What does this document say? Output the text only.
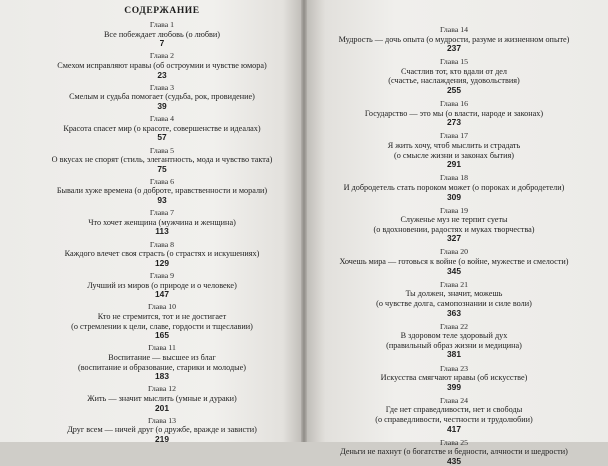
СОДЕРЖАНИЕ
Глава 1
Все побеждает любовь (о любви)
7
Глава 2
Смехом исправляют нравы (об остроумии и чувстве юмора)
23
Глава 3
Смелым и судьба помогает (судьба, рок, провидение)
39
Глава 4
Красота спасет мир (о красоте, совершенстве и идеалах)
57
Глава 5
О вкусах не спорят (стиль, элегантность, мода и чувство такта)
75
Глава 6
Бывали хуже времена (о доброте, нравственности и морали)
93
Глава 7
Что хочет женщина (мужчина и женщина)
113
Глава 8
Каждого влечет своя страсть (о страстях и искушениях)
129
Глава 9
Лучший из миров (о природе и о человеке)
147
Глава 10
Кто не стремится, тот и не достигает
(о стремлении к цели, славе, гордости и тщеславии)
165
Глава 11
Воспитание — высшее из благ
(воспитание и образование, старики и молодые)
183
Глава 12
Жить — значит мыслить (умные и дураки)
201
Глава 13
Друг всем — ничей друг (о дружбе, вражде и зависти)
219
Глава 14
Мудрость — дочь опыта (о мудрости, разуме и жизненном опыте)
237
Глава 15
Счастлив тот, кто вдали от дел
(счастье, наслаждения, удовольствия)
255
Глава 16
Государство — это мы (о власти, народе и законах)
273
Глава 17
Я жить хочу, чтоб мыслить и страдать
(о смысле жизни и законах бытия)
291
Глава 18
И добродетель стать пороком может (о пороках и добродетели)
309
Глава 19
Служенье муз не терпит суеты
(о вдохновении, радостях и муках творчества)
327
Глава 20
Хочешь мира — готовься к войне (о войне, мужестве и смелости)
345
Глава 21
Ты должен, значит, можешь
(о чувстве долга, самопознании и силе воли)
363
Глава 22
В здоровом теле здоровый дух
(правильный образ жизни и медицина)
381
Глава 23
Искусства смягчают нравы (об искусстве)
399
Глава 24
Где нет справедливости, нет и свободы
(о справедливости, честности и трудолюбии)
417
Глава 25
Деньги не пахнут (о богатстве и бедности, алчности и шедрости)
435
